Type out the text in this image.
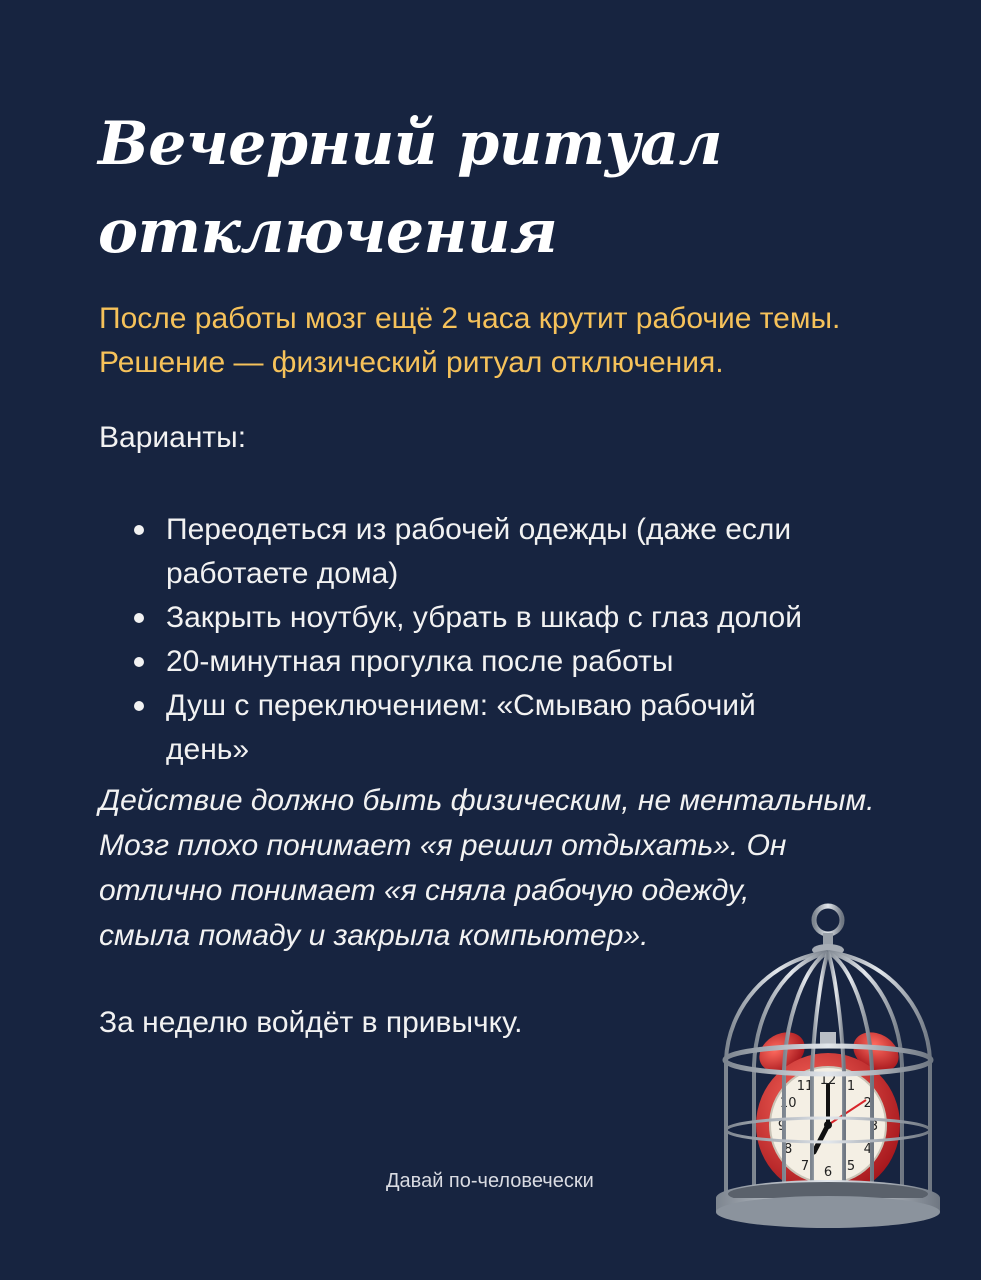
Вечерний ритуал
отключения

После работы мозг ещё 2 часа крутит рабочие темы.
Решение — физический ритуал отключения.

Варианты:
Переодеться из рабочей одежды (даже если работаете дома)
Закрыть ноутбук, убрать в шкаф с глаз долой
20-минутная прогулка после работы
Душ с переключением: «Смываю рабочий день»

Действие должно быть физическим, не ментальным.
Мозг плохо понимает «я решил отдыхать». Он
отлично понимает «я сняла рабочую одежду,
смыла помаду и закрыла компьютер».

За неделю войдёт в привычку.
Давай по-человечески
12 1
2
3
4
5
6
7
8
9
10
11
